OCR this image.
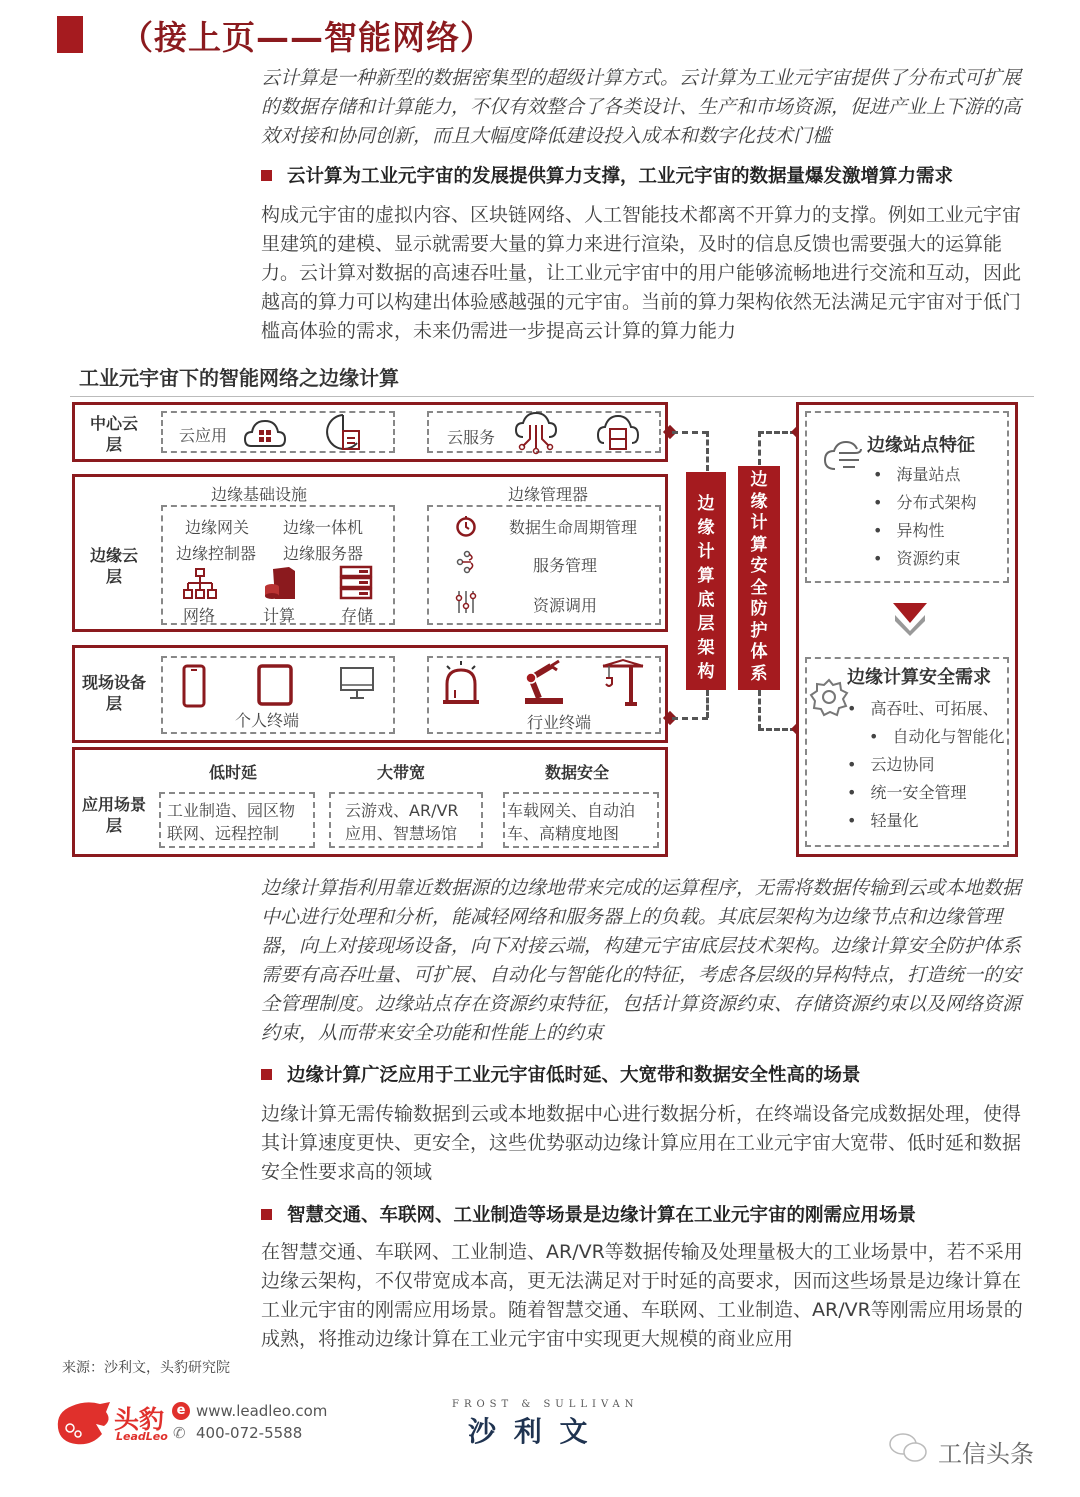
（接上页——智能网络）
云计算是一种新型的数据密集型的超级计算方式。云计算为工业元宇宙提供了分布式可扩展的数据存储和计算能力，不仅有效整合了各类设计、生产和市场资源，促进产业上下游的高效对接和协同创新，而且大幅度降低建设投入成本和数字化技术门槛
云计算为工业元宇宙的发展提供算力支撑，工业元宇宙的数据量爆发激增算力需求
构成元宇宙的虚拟内容、区块链网络、人工智能技术都离不开算力的支撑。例如工业元宇宙里建筑的建模、显示就需要大量的算力来进行渲染，及时的信息反馈也需要强大的运算能力。云计算对数据的高速吞吐量，让工业元宇宙中的用户能够流畅地进行交流和互动，因此越高的算力可以构建出体验感越强的元宇宙。当前的算力架构依然无法满足元宇宙对于低门槛高体验的需求，未来仍需进一步提高云计算的算力能力
工业元宇宙下的智能网络之边缘计算
中心云层	云应用	云服务
边缘云层
边缘基础设施
边缘网关 边缘一体机
边缘控制器 边缘服务器
网络	计算	存储
边缘管理器
数据生命周期管理
服务管理
资源调用
现场设备层
个人终端	行业终端
应用场景层
低时延
工业制造、园区物
联网、远程控制
大带宽
云游戏、AR/VR
应用、智慧场馆
数据安全
车载网关、自动泊
车、高精度地图
边
缘
计
算
底
层
架
构
边
缘
计
算
安
全
防
护
体
系
边缘站点特征
• 海量站点
• 分布式架构
• 异构性
• 资源约束
边缘计算安全需求
• 高吞吐、可拓展、
• 自动化与智能化
• 云边协同
• 统一安全管理
• 轻量化
边缘计算指利用靠近数据源的边缘地带来完成的运算程序，无需将数据传输到云或本地数据中心进行处理和分析，能减轻网络和服务器上的负载。其底层架构为边缘节点和边缘管理器，向上对接现场设备，向下对接云端，构建元宇宙底层技术架构。边缘计算安全防护体系需要有高吞吐量、可扩展、自动化与智能化的特征，考虑各层级的异构特点，打造统一的安全管理制度。边缘站点存在资源约束特征，包括计算资源约束、存储资源约束以及网络资源约束，从而带来安全功能和性能上的约束
边缘计算广泛应用于工业元宇宙低时延、大宽带和数据安全性高的场景
边缘计算无需传输数据到云或本地数据中心进行数据分析，在终端设备完成数据处理，使得其计算速度更快、更安全，这些优势驱动边缘计算应用在工业元宇宙大宽带、低时延和数据安全性要求高的领域
智慧交通、车联网、工业制造等场景是边缘计算在工业元宇宙的刚需应用场景
在智慧交通、车联网、工业制造、AR/VR等数据传输及处理量极大的工业场景中，若不采用边缘云架构，不仅带宽成本高，更无法满足对于时延的高要求，因而这些场景是边缘计算在工业元宇宙的刚需应用场景。随着智慧交通、车联网、工业制造、AR/VR等刚需应用场景的成熟，将推动边缘计算在工业元宇宙中实现更大规模的商业应用
来源：沙利文，头豹研究院
头豹
LeadLeo
e www.leadleo.com
✆ 400-072-5588
FROST & SULLIVAN
沙 利 文
工信头条
